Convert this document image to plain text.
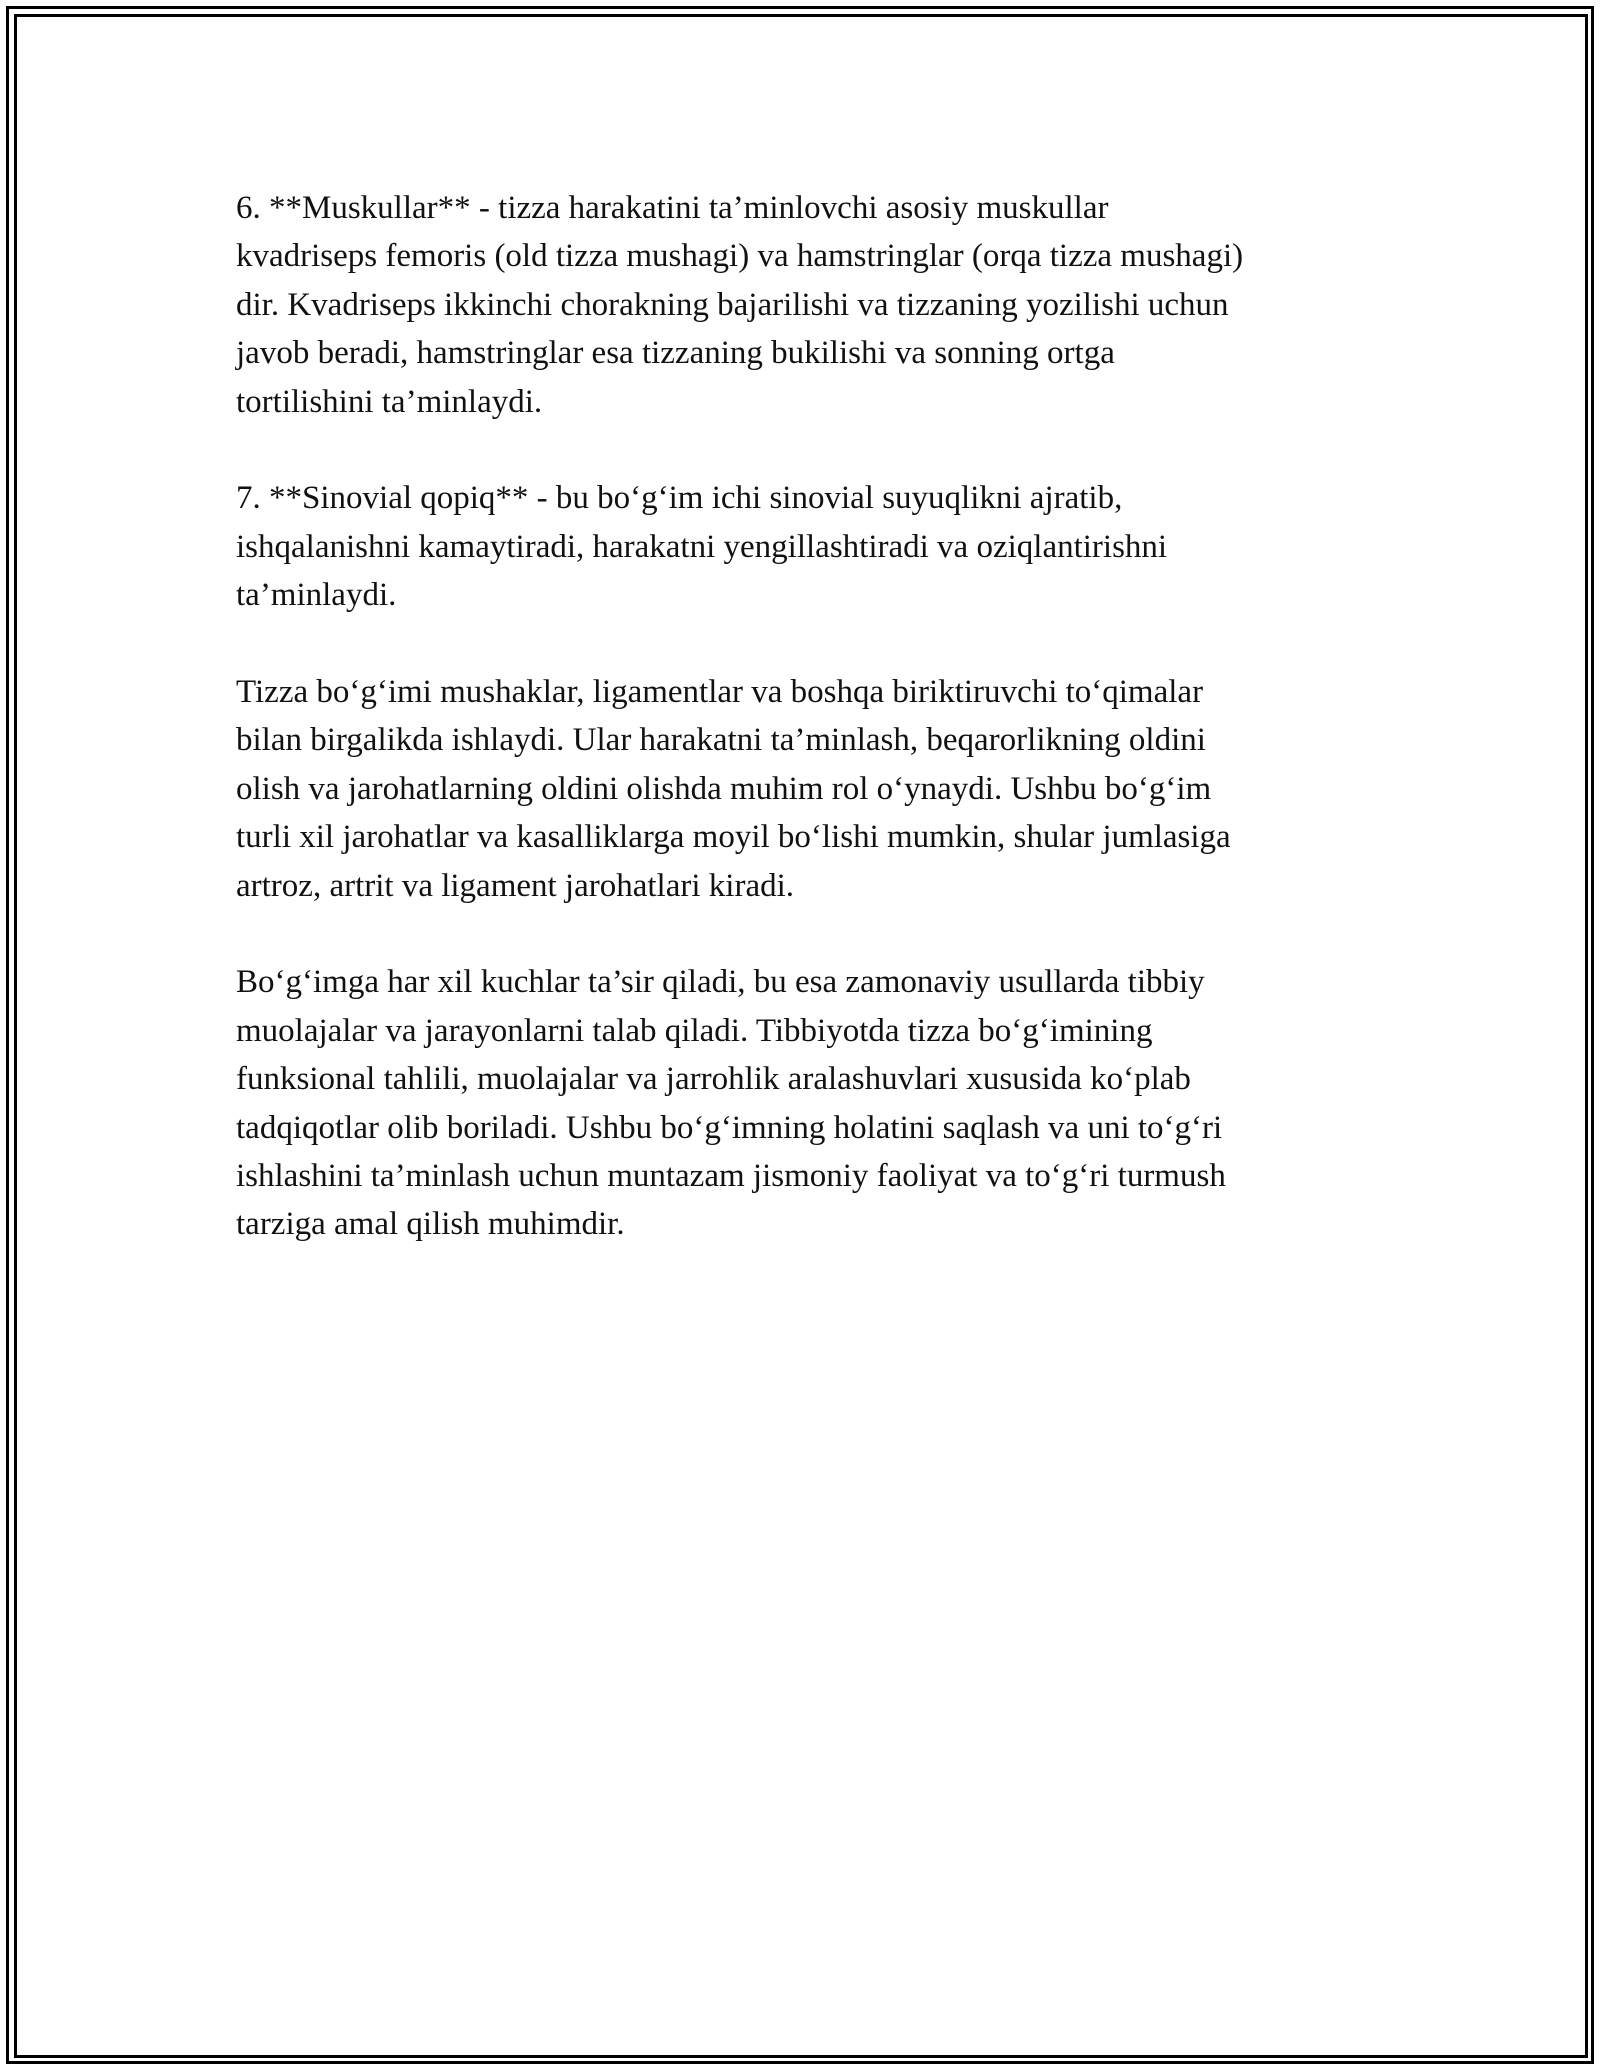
6. **Muskullar** - tizza harakatini ta’minlovchi asosiy muskullar
kvadriseps femoris (old tizza mushagi) va hamstringlar (orqa tizza mushagi)
dir. Kvadriseps ikkinchi chorakning bajarilishi va tizzaning yozilishi uchun
javob beradi, hamstringlar esa tizzaning bukilishi va sonning ortga
tortilishini ta’minlaydi.

7. **Sinovial qopiq** - bu bo‘g‘im ichi sinovial suyuqlikni ajratib,
ishqalanishni kamaytiradi, harakatni yengillashtiradi va oziqlantirishni
ta’minlaydi.

Tizza bo‘g‘imi mushaklar, ligamentlar va boshqa biriktiruvchi to‘qimalar
bilan birgalikda ishlaydi. Ular harakatni ta’minlash, beqarorlikning oldini
olish va jarohatlarning oldini olishda muhim rol o‘ynaydi. Ushbu bo‘g‘im
turli xil jarohatlar va kasalliklarga moyil bo‘lishi mumkin, shular jumlasiga
artroz, artrit va ligament jarohatlari kiradi.

Bo‘g‘imga har xil kuchlar ta’sir qiladi, bu esa zamonaviy usullarda tibbiy
muolajalar va jarayonlarni talab qiladi. Tibbiyotda tizza bo‘g‘imining
funksional tahlili, muolajalar va jarrohlik aralashuvlari xususida ko‘plab
tadqiqotlar olib boriladi. Ushbu bo‘g‘imning holatini saqlash va uni to‘g‘ri
ishlashini ta’minlash uchun muntazam jismoniy faoliyat va to‘g‘ri turmush
tarziga amal qilish muhimdir.
